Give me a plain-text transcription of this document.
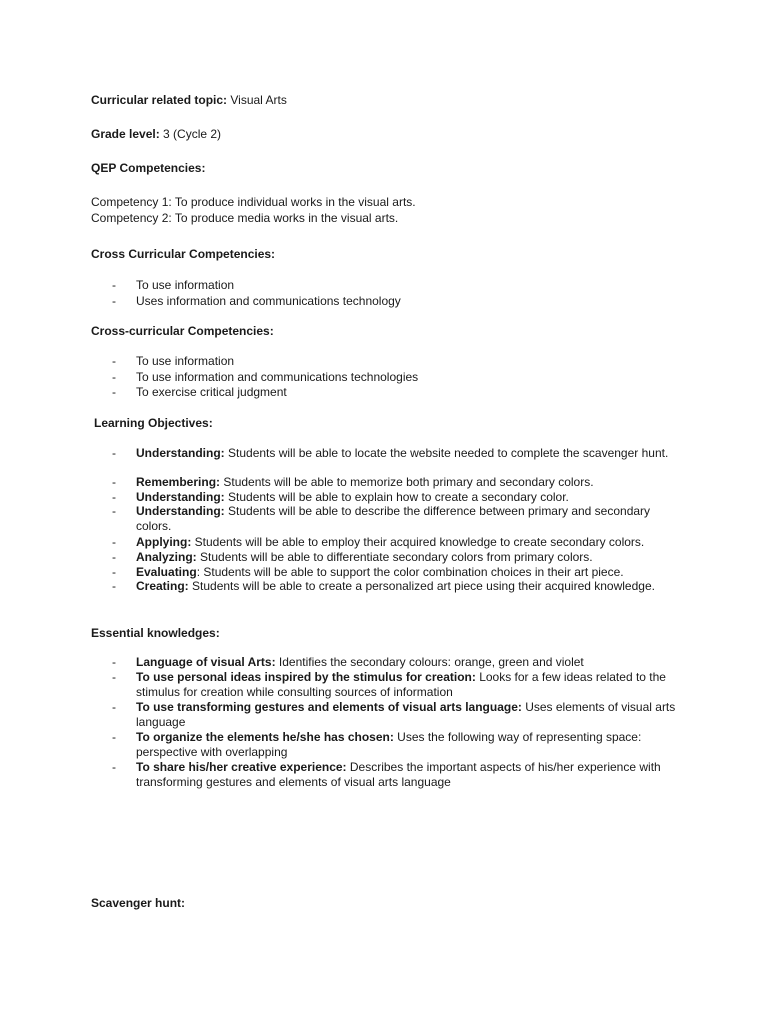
Curricular related topic: Visual Arts
Grade level: 3 (Cycle 2)
QEP Competencies:
Competency 1: To produce individual works in the visual arts.
Competency 2: To produce media works in the visual arts.
Cross Curricular Competencies:
- To use information
- Uses information and communications technology
Cross-curricular Competencies:
- To use information
- To use information and communications technologies
- To exercise critical judgment
Learning Objectives:
- Understanding: Students will be able to locate the website needed to complete the scavenger hunt.
- Remembering: Students will be able to memorize both primary and secondary colors.
- Understanding: Students will be able to explain how to create a secondary color.
- Understanding: Students will be able to describe the difference between primary and secondary colors.
- Applying: Students will be able to employ their acquired knowledge to create secondary colors.
- Analyzing: Students will be able to differentiate secondary colors from primary colors.
- Evaluating: Students will be able to support the color combination choices in their art piece.
- Creating: Students will be able to create a personalized art piece using their acquired knowledge.
Essential knowledges:
- Language of visual Arts: Identifies the secondary colours: orange, green and violet
- To use personal ideas inspired by the stimulus for creation: Looks for a few ideas related to the stimulus for creation while consulting sources of information
- To use transforming gestures and elements of visual arts language: Uses elements of visual arts language
- To organize the elements he/she has chosen: Uses the following way of representing space: perspective with overlapping
- To share his/her creative experience: Describes the important aspects of his/her experience with transforming gestures and elements of visual arts language
Scavenger hunt:
